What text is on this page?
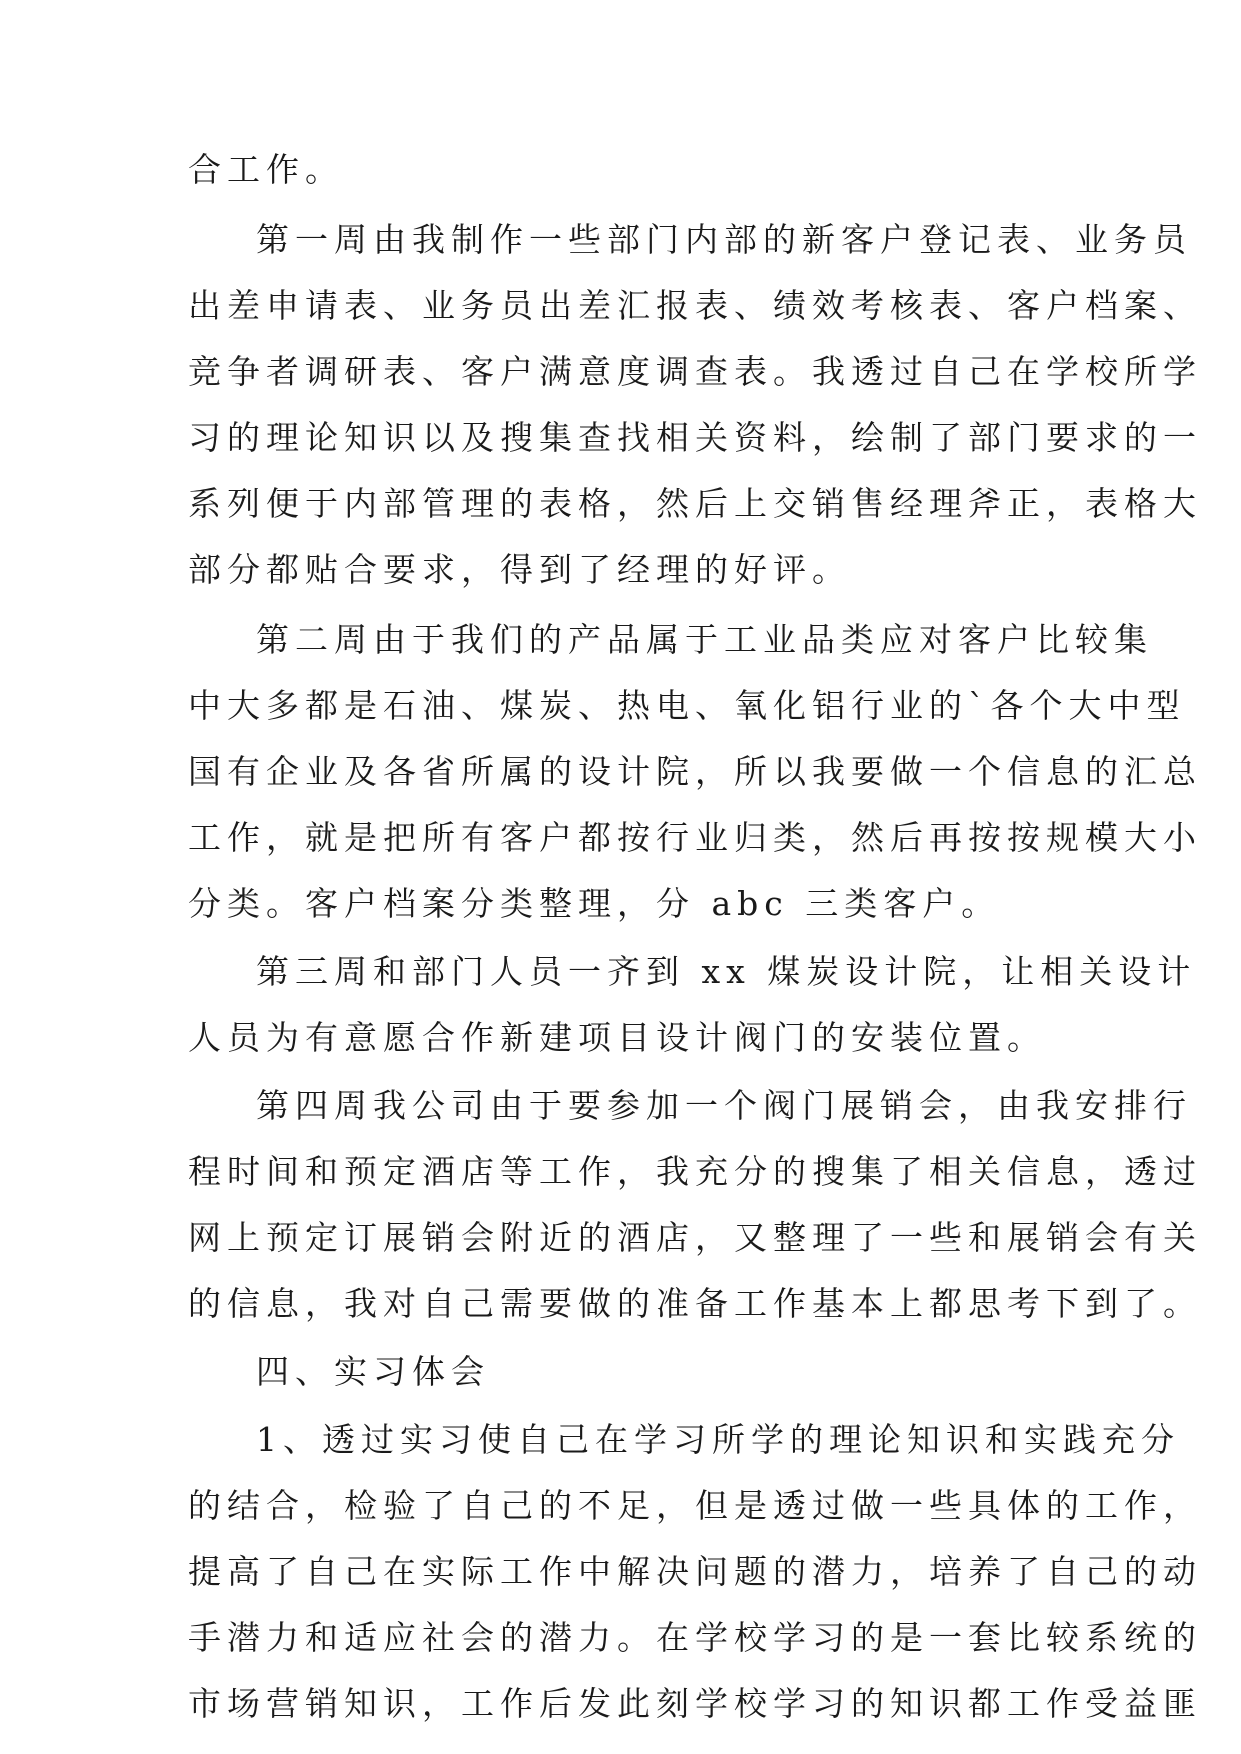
合工作。
第一周由我制作一些部门内部的新客户登记表、业务员
出差申请表、业务员出差汇报表、绩效考核表、客户档案、
竞争者调研表、客户满意度调查表。我透过自己在学校所学
习的理论知识以及搜集查找相关资料，绘制了部门要求的一
系列便于内部管理的表格，然后上交销售经理斧正，表格大
部分都贴合要求，得到了经理的好评。
第二周由于我们的产品属于工业品类应对客户比较集
中大多都是石油、煤炭、热电、氧化铝行业的`各个大中型
国有企业及各省所属的设计院，所以我要做一个信息的汇总
工作，就是把所有客户都按行业归类，然后再按按规模大小
分类。客户档案分类整理，分 abc 三类客户。
第三周和部门人员一齐到 xx 煤炭设计院，让相关设计
人员为有意愿合作新建项目设计阀门的安装位置。
第四周我公司由于要参加一个阀门展销会，由我安排行
程时间和预定酒店等工作，我充分的搜集了相关信息，透过
网上预定订展销会附近的酒店，又整理了一些和展销会有关
的信息，我对自己需要做的准备工作基本上都思考下到了。
四、实习体会
1、透过实习使自己在学习所学的理论知识和实践充分
的结合，检验了自己的不足，但是透过做一些具体的工作，
提高了自己在实际工作中解决问题的潜力，培养了自己的动
手潜力和适应社会的潜力。在学校学习的是一套比较系统的
市场营销知识，工作后发此刻学校学习的知识都工作受益匪
